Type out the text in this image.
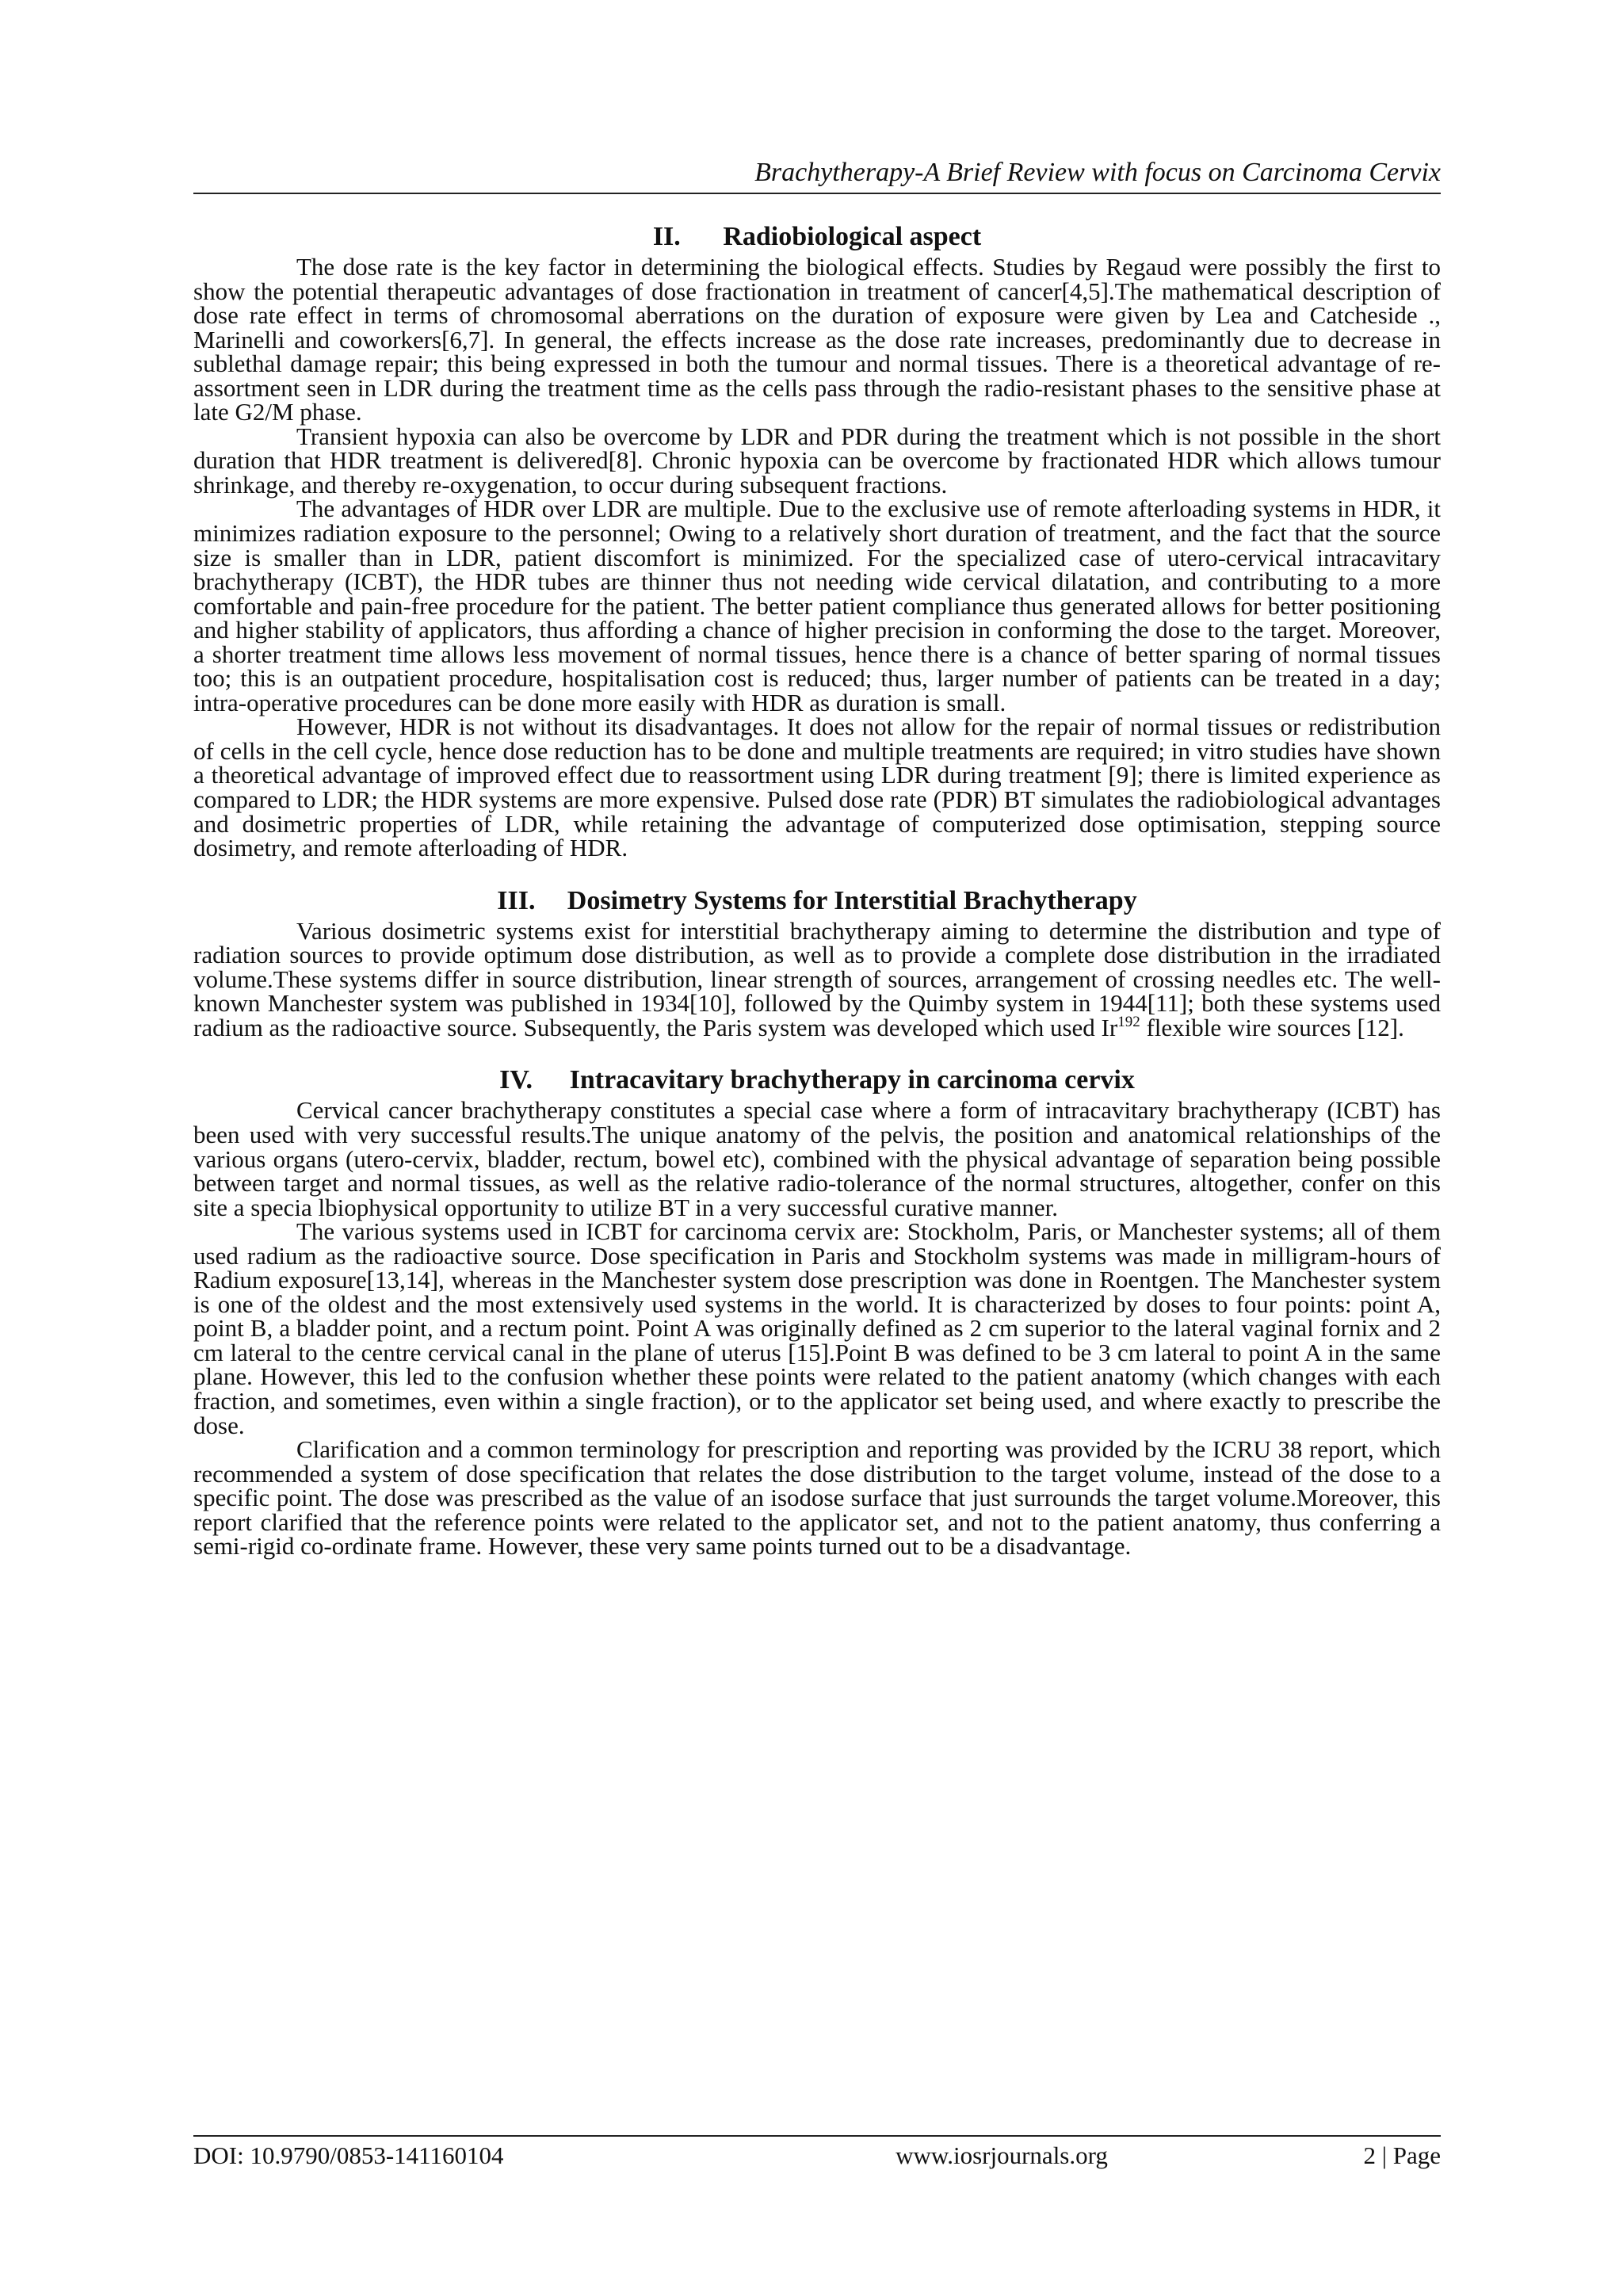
Brachytherapy-A Brief Review with focus on Carcinoma Cervix
II. Radiobiological aspect

The dose rate is the key factor in determining the biological effects. Studies by Regaud were possibly the first to show the potential therapeutic advantages of dose fractionation in treatment of cancer[4,5].The mathematical description of dose rate effect in terms of chromosomal aberrations on the duration of exposure were given by Lea and Catcheside ., Marinelli and coworkers[6,7]. In general, the effects increase as the dose rate increases, predominantly due to decrease in sublethal damage repair; this being expressed in both the tumour and normal tissues. There is a theoretical advantage of re-assortment seen in LDR during the treatment time as the cells pass through the radio-resistant phases to the sensitive phase at late G2/M phase.

Transient hypoxia can also be overcome by LDR and PDR during the treatment which is not possible in the short duration that HDR treatment is delivered[8]. Chronic hypoxia can be overcome by fractionated HDR which allows tumour shrinkage, and thereby re-oxygenation, to occur during subsequent fractions.

The advantages of HDR over LDR are multiple. Due to the exclusive use of remote afterloading systems in HDR, it minimizes radiation exposure to the personnel; Owing to a relatively short duration of treatment, and the fact that the source size is smaller than in LDR, patient discomfort is minimized. For the specialized case of utero-cervical intracavitary brachytherapy (ICBT), the HDR tubes are thinner thus not needing wide cervical dilatation, and contributing to a more comfortable and pain-free procedure for the patient. The better patient compliance thus generated allows for better positioning and higher stability of applicators, thus affording a chance of higher precision in conforming the dose to the target. Moreover, a shorter treatment time allows less movement of normal tissues, hence there is a chance of better sparing of normal tissues too; this is an outpatient procedure, hospitalisation cost is reduced; thus, larger number of patients can be treated in a day; intra-operative procedures can be done more easily with HDR as duration is small.

However, HDR is not without its disadvantages. It does not allow for the repair of normal tissues or redistribution of cells in the cell cycle, hence dose reduction has to be done and multiple treatments are required; in vitro studies have shown a theoretical advantage of improved effect due to reassortment using LDR during treatment [9]; there is limited experience as compared to LDR; the HDR systems are more expensive. Pulsed dose rate (PDR) BT simulates the radiobiological advantages and dosimetric properties of LDR, while retaining the advantage of computerized dose optimisation, stepping source dosimetry, and remote afterloading of HDR.

III. Dosimetry Systems for Interstitial Brachytherapy

Various dosimetric systems exist for interstitial brachytherapy aiming to determine the distribution and type of radiation sources to provide optimum dose distribution, as well as to provide a complete dose distribution in the irradiated volume.These systems differ in source distribution, linear strength of sources, arrangement of crossing needles etc. The well-known Manchester system was published in 1934[10], followed by the Quimby system in 1944[11]; both these systems used radium as the radioactive source. Subsequently, the Paris system was developed which used Ir$^{192}$ flexible wire sources [12].

IV. Intracavitary brachytherapy in carcinoma cervix

Cervical cancer brachytherapy constitutes a special case where a form of intracavitary brachytherapy (ICBT) has been used with very successful results.The unique anatomy of the pelvis, the position and anatomical relationships of the various organs (utero-cervix, bladder, rectum, bowel etc), combined with the physical advantage of separation being possible between target and normal tissues, as well as the relative radio-tolerance of the normal structures, altogether, confer on this site a specia lbiophysical opportunity to utilize BT in a very successful curative manner.

The various systems used in ICBT for carcinoma cervix are: Stockholm, Paris, or Manchester systems; all of them used radium as the radioactive source. Dose specification in Paris and Stockholm systems was made in milligram-hours of Radium exposure[13,14], whereas in the Manchester system dose prescription was done in Roentgen. The Manchester system is one of the oldest and the most extensively used systems in the world. It is characterized by doses to four points: point A, point B, a bladder point, and a rectum point. Point A was originally defined as 2 cm superior to the lateral vaginal fornix and 2 cm lateral to the centre cervical canal in the plane of uterus [15].Point B was defined to be 3 cm lateral to point A in the same plane. However, this led to the confusion whether these points were related to the patient anatomy (which changes with each fraction, and sometimes, even within a single fraction), or to the applicator set being used, and where exactly to prescribe the dose.

Clarification and a common terminology for prescription and reporting was provided by the ICRU 38 report, which recommended a system of dose specification that relates the dose distribution to the target volume, instead of the dose to a specific point. The dose was prescribed as the value of an isodose surface that just surrounds the target volume.Moreover, this report clarified that the reference points were related to the applicator set, and not to the patient anatomy, thus conferring a semi-rigid co-ordinate frame. However, these very same points turned out to be a disadvantage.

DOI: 10.9790/0853-141160104	www.iosrjournals.org	2 | Page
